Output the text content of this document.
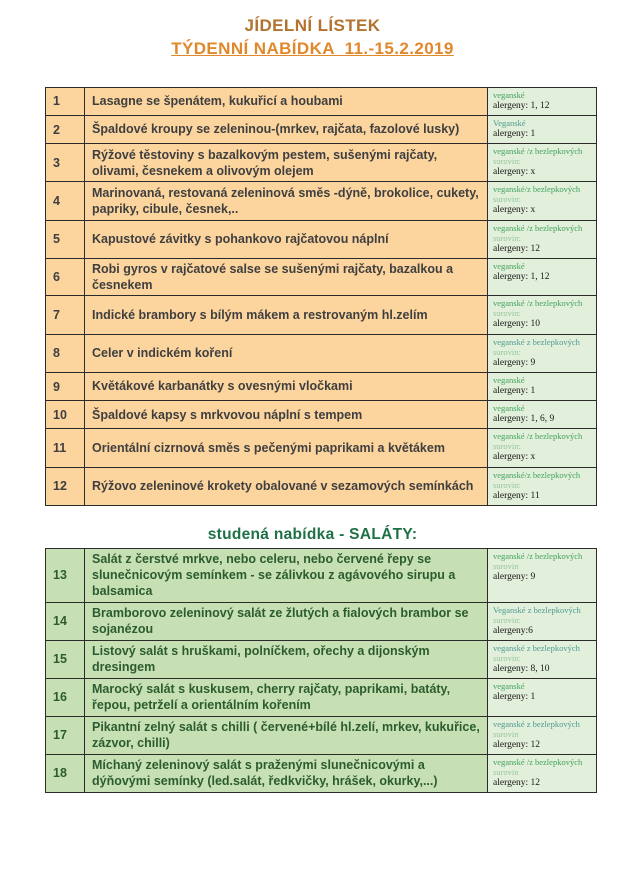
JÍDELNÍ LÍSTEK
TÝDENNÍ NABÍDKA  11.-15.2.2019
1	Lasagne se špenátem, kukuřicí a houbami	veganské
alergeny: 1, 12

2	Špaldové kroupy se zeleninou-(mrkev, rajčata, fazolové lusky)	Veganské
alergeny: 1

3	Rýžové těstoviny s bazalkovým pestem, sušenými rajčaty, olivami, česnekem a olivovým olejem	veganské /z bezlepkových
surovin:
alergeny: x

4	Marinovaná, restovaná zeleninová směs -dýně, brokolice, cukety, papriky, cibule, česnek,..	veganské/z bezlepkových
surovin:
alergeny: x

5	Kapustové závitky s pohankovo rajčatovou náplní	veganské /z bezlepkových
surovin:
alergeny: 12

6	Robi gyros v rajčatové salse se sušenými rajčaty, bazalkou a česnekem	veganské
alergeny: 1, 12

7	Indické brambory s bílým mákem a restrovaným hl.zelím	veganské /z bezlepkových
surovin:
alergeny: 10

8	Celer v indickém koření	veganské z bezlepkových
surovin:
alergeny: 9

9	Květákové karbanátky s ovesnými vločkami	veganské
alergeny: 1

10	Špaldové kapsy s mrkvovou náplní s tempem	veganské
alergeny: 1, 6, 9

11	Orientální cizrnová směs s pečenými paprikami a květákem	veganské /z bezlepkových
surovin:
alergeny: x

12	Rýžovo zeleninové krokety obalované v sezamových semínkách	veganské/z bezlepkových
surovin:
alergeny: 11
studená nabídka - SALÁTY:
13	Salát z čerstvé mrkve, nebo celeru, nebo červené řepy se slunečnicovým semínkem - se zálivkou z agávového sirupu a balsamica	veganské /z bezlepkových
surovin
alergeny: 9

14	Bramborovo zeleninový salát ze žlutých a fialových brambor se sojanézou	Veganské z bezlepkových
surovin:
alergeny:6

15	Listový salát s hruškami, polníčkem, ořechy a dijonským dresingem	veganské z bezlepkových
surovin:
alergeny: 8, 10

16	Marocký salát s kuskusem, cherry rajčaty, paprikami, batáty, řepou, petrželí a orientálním kořením	veganské
alergeny: 1

17	Pikantní zelný salát s chilli ( červené+bílé hl.zelí, mrkev, kukuřice, zázvor, chilli)	veganské z bezlepkových
surovin
alergeny: 12

18	Míchaný zeleninový salát s praženými slunečnicovými a dýňovými semínky (led.salát, ředkvičky, hrášek, okurky,...)	veganské /z bezlepkových
surovin
alergeny: 12
